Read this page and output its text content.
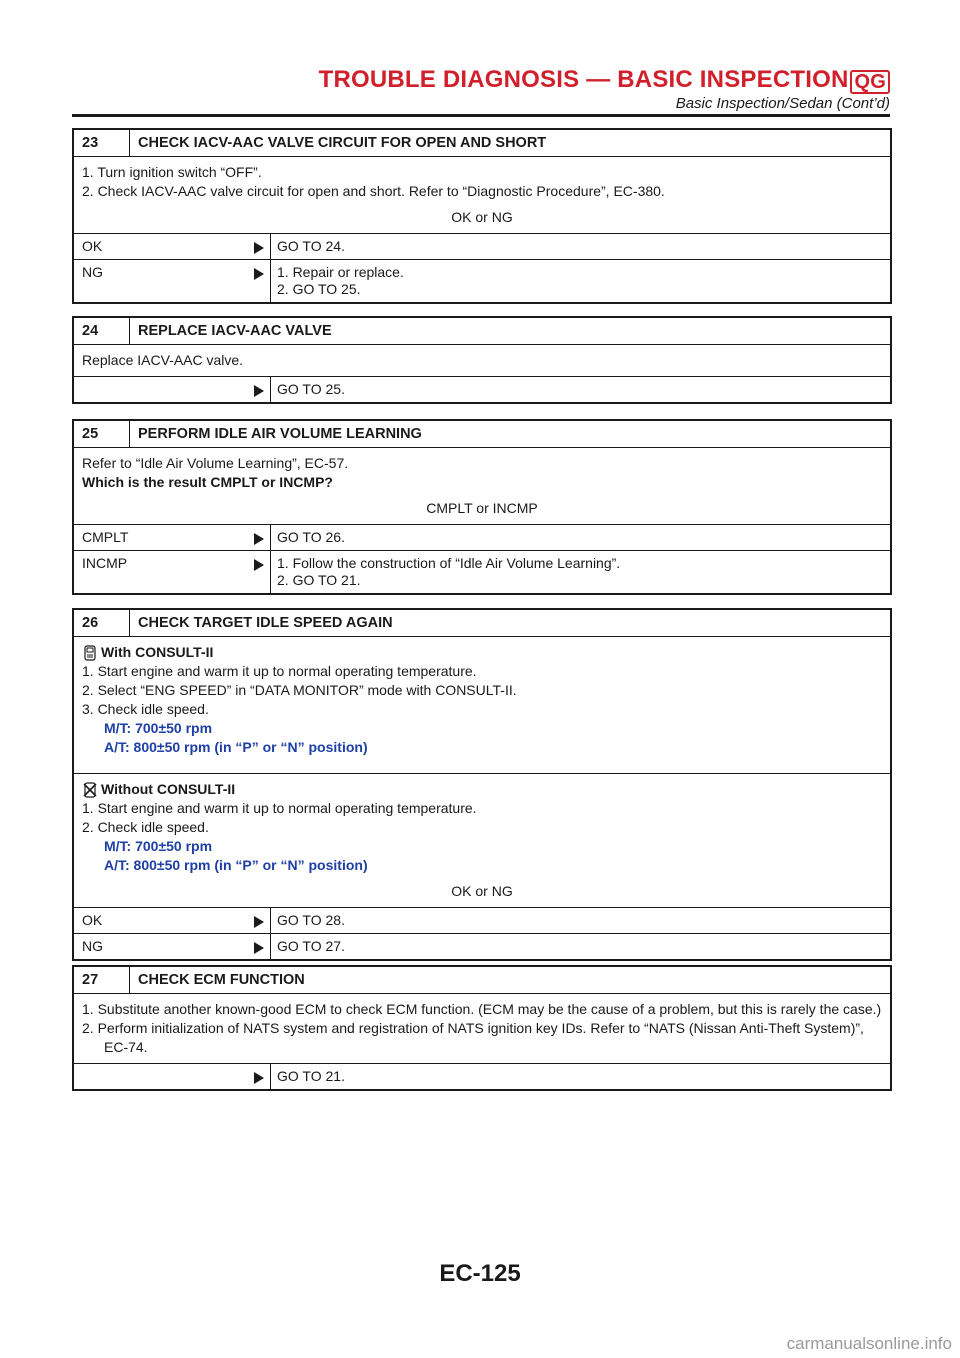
TROUBLE DIAGNOSIS — BASIC INSPECTION QG
Basic Inspection/Sedan (Cont’d)
23	CHECK IACV-AAC VALVE CIRCUIT FOR OPEN AND SHORT
1. Turn ignition switch “OFF”.
2. Check IACV-AAC valve circuit for open and short. Refer to “Diagnostic Procedure”, EC-380.
OK or NG
OK	GO TO 24.
NG	1. Repair or replace.
2. GO TO 25.
24	REPLACE IACV-AAC VALVE
Replace IACV-AAC valve.
GO TO 25.
25	PERFORM IDLE AIR VOLUME LEARNING
Refer to “Idle Air Volume Learning”, EC-57.
Which is the result CMPLT or INCMP?
CMPLT or INCMP
CMPLT	GO TO 26.
INCMP	1. Follow the construction of “Idle Air Volume Learning”.
2. GO TO 21.
26	CHECK TARGET IDLE SPEED AGAIN
With CONSULT-II
1. Start engine and warm it up to normal operating temperature.
2. Select “ENG SPEED” in “DATA MONITOR” mode with CONSULT-II.
3. Check idle speed.
M/T: 700±50 rpm
A/T: 800±50 rpm (in “P” or “N” position)
Without CONSULT-II
1. Start engine and warm it up to normal operating temperature.
2. Check idle speed.
M/T: 700±50 rpm
A/T: 800±50 rpm (in “P” or “N” position)
OK or NG
OK	GO TO 28.
NG	GO TO 27.
27	CHECK ECM FUNCTION
1. Substitute another known-good ECM to check ECM function. (ECM may be the cause of a problem, but this is rarely the case.)
2. Perform initialization of NATS system and registration of NATS ignition key IDs. Refer to “NATS (Nissan Anti-Theft System)”, EC-74.
GO TO 21.
EC-125
carmanualsonline.info
